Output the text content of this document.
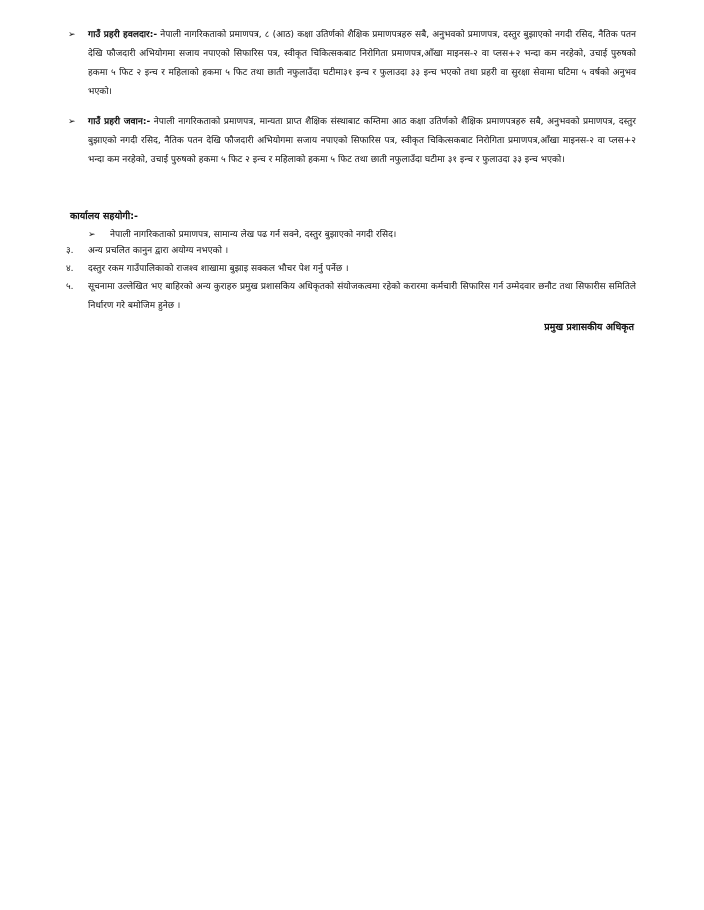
➢ गाउँ प्रहरी हवलदार:- नेपाली नागरिकताको प्रमाणपत्र, ८ (आठ) कक्षा उतिर्णको शैक्षिक प्रमाणपत्रहरु सबै, अनुभवको प्रमाणपत्र, दस्तुर बुझाएको नगदी रसिद, नैतिक पतन देखि फौजदारी अभियोगमा सजाय नपाएको सिफारिस पत्र, स्वीकृत चिकित्सकबाट निरोगिता प्रमाणपत्र,आँखा माइनस-२ वा प्लस+२ भन्दा कम नरहेको, उचाई पुरुषको हकमा ५ फिट २ इन्च र महिलाको हकमा ५ फिट तथा छाती नफुलाउँदा घटीमा३१ इन्च र फुलाउदा ३३ इन्च भएको तथा प्रहरी वा सुरक्षा सेवामा घटिमा ५ वर्षको अनुभव भएको।
➢ गाउँ प्रहरी जवान:- नेपाली नागरिकताको प्रमाणपत्र, मान्यता प्राप्त शैक्षिक संस्थाबाट कम्तिमा आठ कक्षा उतिर्णको शैक्षिक प्रमाणपत्रहरु सबै, अनुभवको प्रमाणपत्र, दस्तुर बुझाएको नगदी रसिद, नैतिक पतन देखि फौजदारी अभियोगमा सजाय नपाएको सिफारिस पत्र, स्वीकृत चिकित्सकबाट निरोगिता प्रमाणपत्र,आँखा माइनस-२ वा प्लस+२ भन्दा कम नरहेको, उचाई पुरुषको हकमा ५ फिट २ इन्च र महिलाको हकमा ५ फिट तथा छाती नफुलाउँदा घटीमा ३१ इन्च र फुलाउदा ३३ इन्च भएको।
कार्यालय सहयोगी:-
➢ नेपाली नागरिकताको प्रमाणपत्र, सामान्य लेख पढ गर्न सक्ने, दस्तुर बुझाएको नगदी रसिद।
३. अन्य प्रचलित कानुन द्वारा अयोग्य नभएको ।
४. दस्तुर रकम गाउँपालिकाको राजश्व शाखामा बुझाइ सक्कल भौचर पेश गर्नु पर्नेछ ।
५. सूचनामा उल्लेखित भए बाहिरको अन्य कुराहरु प्रमुख प्रशासकिय अधिकृतको संयोजकत्वमा रहेको करारमा कर्मचारी सिफारिस गर्न उम्मेदवार छनौट तथा सिफारीस समितिले निर्धारण गरे बमोजिम हुनेछ ।
प्रमुख प्रशासकीय अधिकृत
